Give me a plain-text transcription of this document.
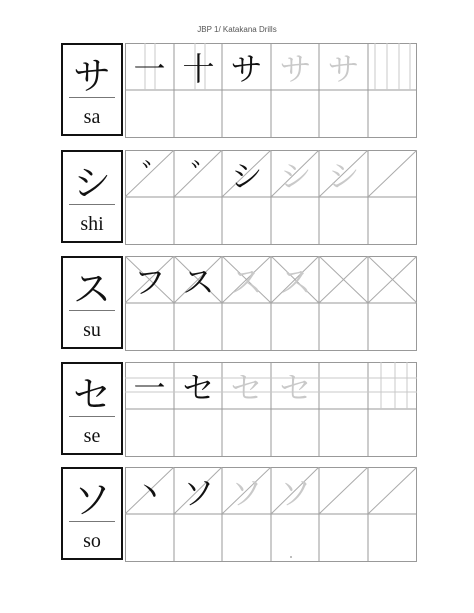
JBP 1/ Katakana Drills
サ
sa
一 十 サ サ サ
シ
shi
ﾞ	ﾞ シ シ シ
ス
su
フ ス ス ス
セ
se
一 セ セ セ
ソ
so
丶 ソ ソ ソ
